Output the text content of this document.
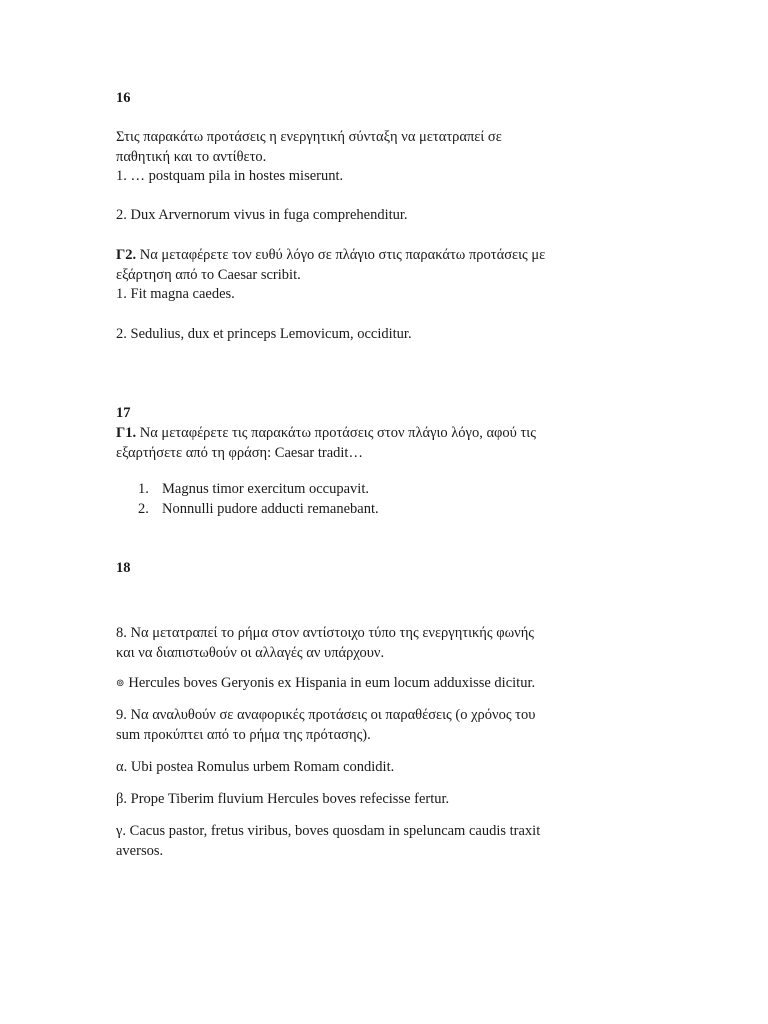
16
Στις παρακάτω προτάσεις η ενεργητική σύνταξη να μετατραπεί σε
παθητική και το αντίθετο.
1. … postquam pila in hostes miserunt.
2. Dux Arvernorum vivus in fuga comprehenditur.
Γ2. Να μεταφέρετε τον ευθύ λόγο σε πλάγιο στις παρακάτω προτάσεις με
εξάρτηση από το Caesar scribit.
1. Fit magna caedes.
2. Sedulius, dux et princeps Lemovicum, occiditur.
17
Γ1. Να μεταφέρετε τις παρακάτω προτάσεις στον πλάγιο λόγο, αφού τις
εξαρτήσετε από τη φράση: Caesar tradit…
1. Magnus timor exercitum occupavit.
2. Nonnulli pudore adducti remanebant.
18
8. Να μετατραπεί το ρήμα στον αντίστοιχο τύπο της ενεργητικής φωνής
και να διαπιστωθούν οι αλλαγές αν υπάρχουν.
⊚ Hercules boves Geryonis ex Hispania in eum locum adduxisse dicitur.
9. Να αναλυθούν σε αναφορικές προτάσεις οι παραθέσεις (ο χρόνος του
sum προκύπτει από το ρήμα της πρότασης).
α. Ubi postea Romulus urbem Romam condidit.
β. Prope Tiberim fluvium Hercules boves refecisse fertur.
γ. Cacus pastor, fretus viribus, boves quosdam in speluncam caudis traxit
aversos.
